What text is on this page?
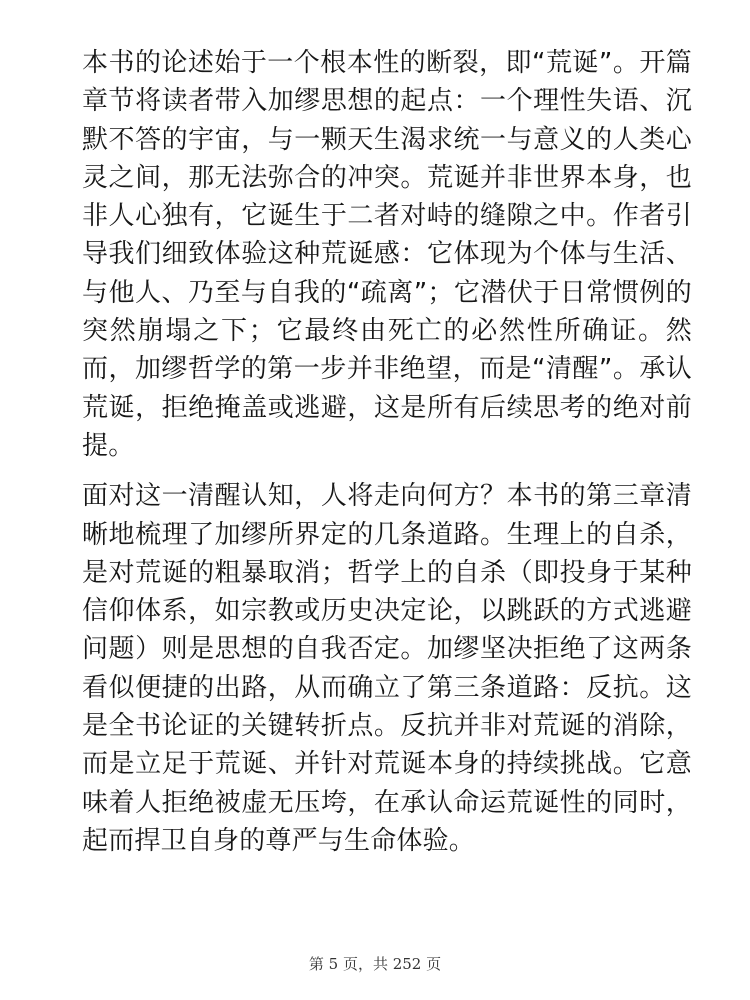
本书的论述始于一个根本性的断裂，即“荒诞”。开篇章节将读者带入加缪思想的起点：一个理性失语、沉默不答的宇宙，与一颗天生渴求统一与意义的人类心灵之间，那无法弥合的冲突。荒诞并非世界本身，也非人心独有，它诞生于二者对峙的缝隙之中。作者引导我们细致体验这种荒诞感：它体现为个体与生活、与他人、乃至与自我的“疏离”；它潜伏于日常惯例的突然崩塌之下；它最终由死亡的必然性所确证。然而，加缪哲学的第一步并非绝望，而是“清醒”。承认荒诞，拒绝掩盖或逃避，这是所有后续思考的绝对前提。

面对这一清醒认知，人将走向何方？本书的第三章清晰地梳理了加缪所界定的几条道路。生理上的自杀，是对荒诞的粗暴取消；哲学上的自杀（即投身于某种信仰体系，如宗教或历史决定论，以跳跃的方式逃避问题）则是思想的自我否定。加缪坚决拒绝了这两条看似便捷的出路，从而确立了第三条道路：反抗。这是全书论证的关键转折点。反抗并非对荒诞的消除，而是立足于荒诞、并针对荒诞本身的持续挑战。它意味着人拒绝被虚无压垮，在承认命运荒诞性的同时，起而捍卫自身的尊严与生命体验。

第 5 页，共 252 页
